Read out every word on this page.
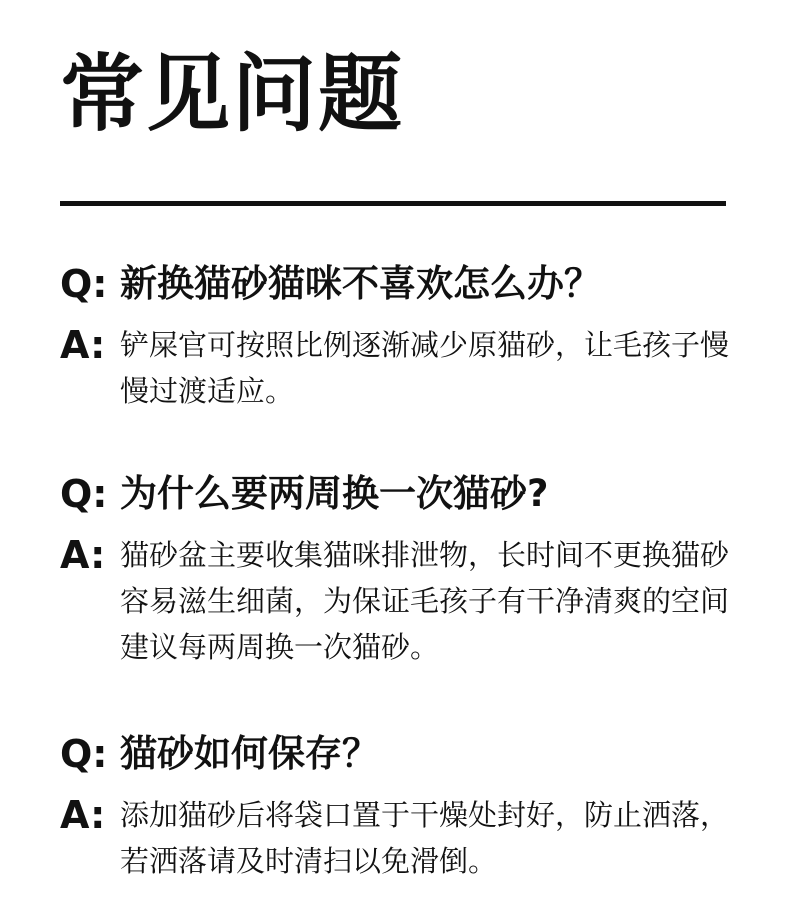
常见问题
Q: 新换猫砂猫咪不喜欢怎么办？
A: 铲屎官可按照比例逐渐减少原猫砂，让毛孩子慢慢过渡适应。
Q: 为什么要两周换一次猫砂?
A: 猫砂盆主要收集猫咪排泄物，长时间不更换猫砂容易滋生细菌，为保证毛孩子有干净清爽的空间建议每两周换一次猫砂。
Q: 猫砂如何保存？
A: 添加猫砂后将袋口置于干燥处封好，防止洒落，若洒落请及时清扫以免滑倒。
